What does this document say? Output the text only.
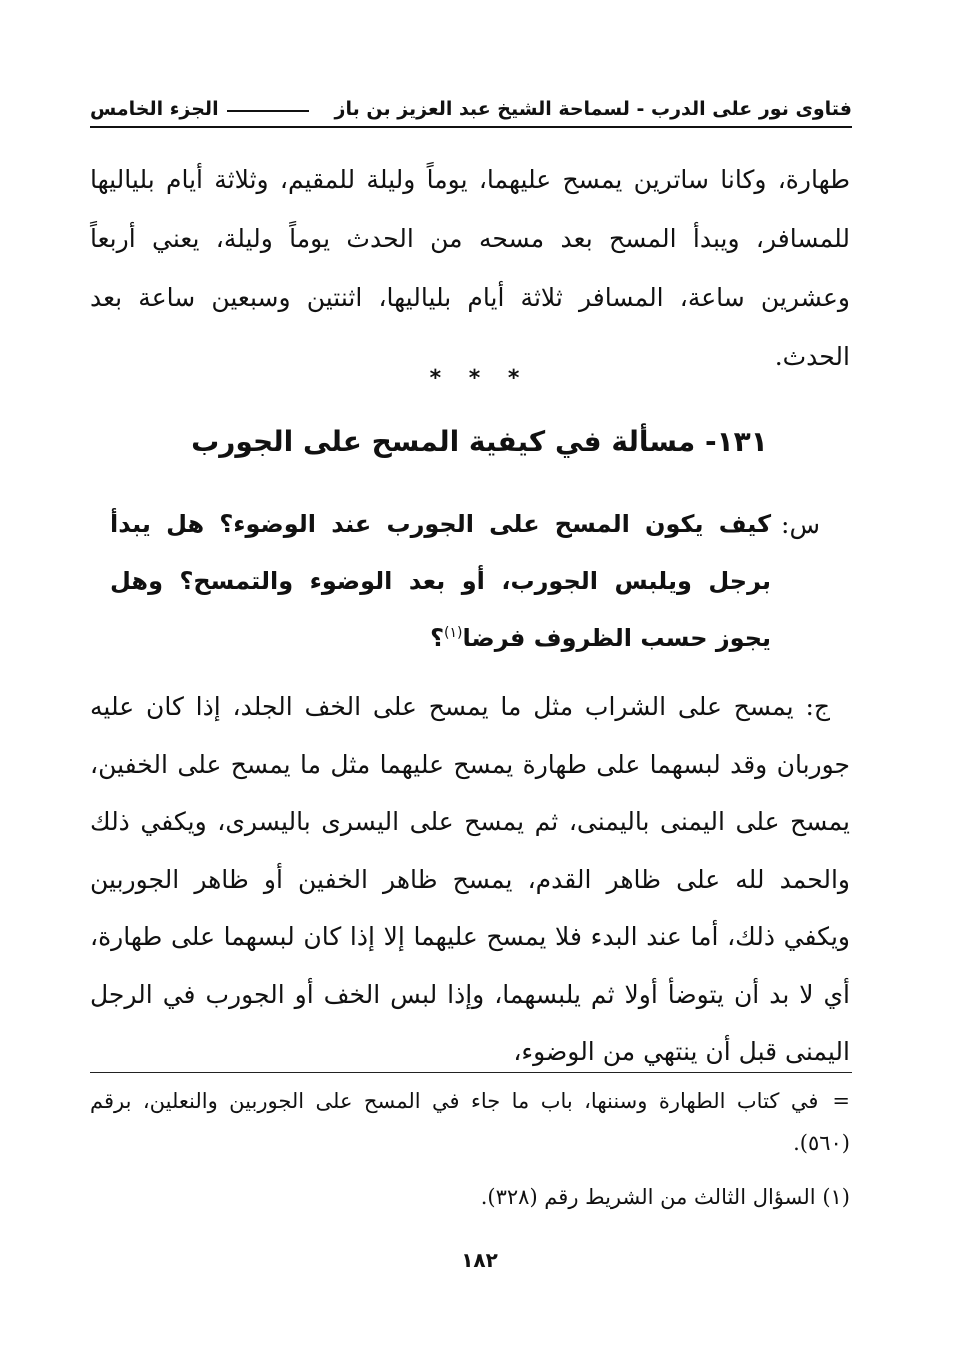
فتاوى نور على الدرب - لسماحة الشيخ عبد العزيز بن باز
الجزء الخامس
طهارة، وكانا ساترين يمسح عليهما، يوماً وليلة للمقيم، وثلاثة أيام بلياليها للمسافر، ويبدأ المسح بعد مسحه من الحدث يوماً وليلة، يعني أربعاً وعشرين ساعة، المسافر ثلاثة أيام بلياليها، اثنتين وسبعين ساعة بعد الحدث.
* * *
١٣١- مسألة في كيفية المسح على الجورب
س:
كيف يكون المسح على الجورب عند الوضوء؟ هل يبدأ برجل ويلبس الجورب، أو بعد الوضوء والتمسح؟ وهل يجوز حسب الظروف فرضا$^{(١)}$؟
ج: يمسح على الشراب مثل ما يمسح على الخف الجلد، إذا كان عليه جوربان وقد لبسهما على طهارة يمسح عليهما مثل ما يمسح على الخفين، يمسح على اليمنى باليمنى، ثم يمسح على اليسرى باليسرى، ويكفي ذلك والحمد لله على ظاهر القدم، يمسح ظاهر الخفين أو ظاهر الجوربين ويكفي ذلك، أما عند البدء فلا يمسح عليهما إلا إذا كان لبسهما على طهارة، أي لا بد أن يتوضأ أولا ثم يلبسهما، وإذا لبس الخف أو الجورب في الرجل اليمنى قبل أن ينتهي من الوضوء،
=في كتاب الطهارة وسننها، باب ما جاء في المسح على الجوربين والنعلين، برقم (٥٦٠).
(١) السؤال الثالث من الشريط رقم (٣٢٨).
١٨٢
